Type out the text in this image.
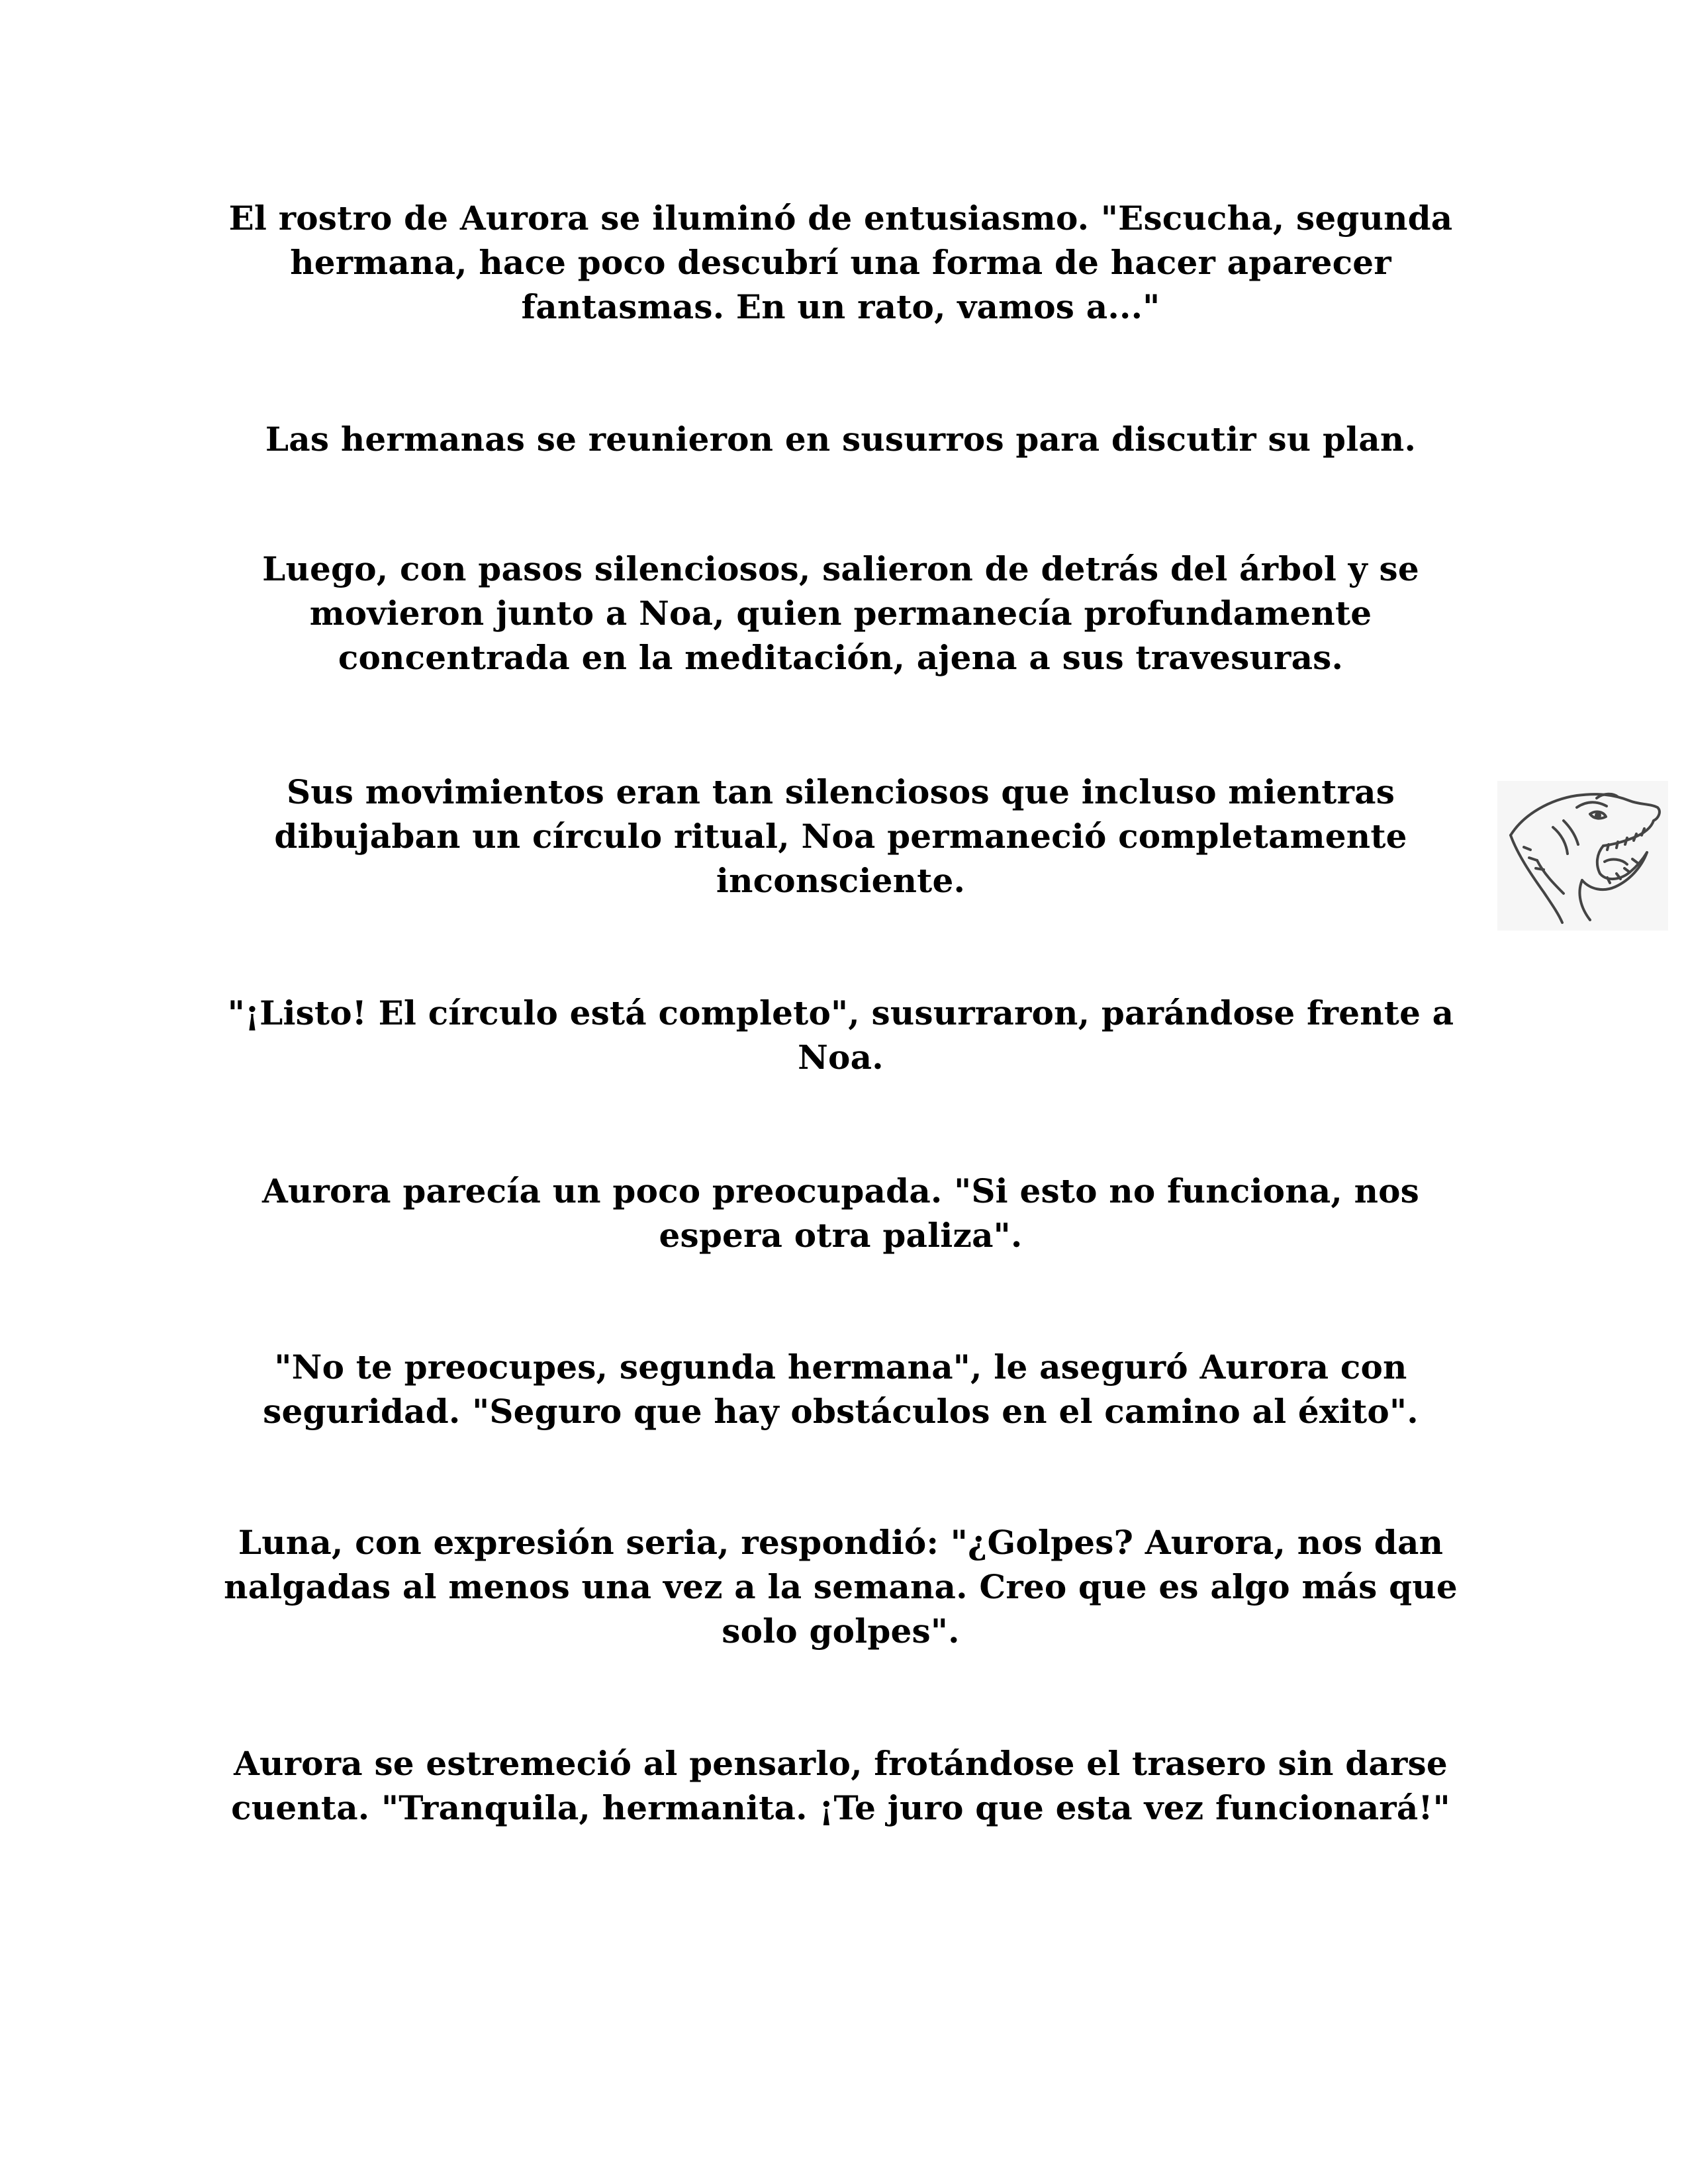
El rostro de Aurora se iluminó de entusiasmo. "Escucha, segunda hermana, hace poco descubrí una forma de hacer aparecer fantasmas. En un rato, vamos a..."

Las hermanas se reunieron en susurros para discutir su plan.

Luego, con pasos silenciosos, salieron de detrás del árbol y se movieron junto a Noa, quien permanecía profundamente concentrada en la meditación, ajena a sus travesuras.

Sus movimientos eran tan silenciosos que incluso mientras dibujaban un círculo ritual, Noa permaneció completamente inconsciente.

"¡Listo! El círculo está completo", susurraron, parándose frente a Noa.

Aurora parecía un poco preocupada. "Si esto no funciona, nos espera otra paliza".

"No te preocupes, segunda hermana", le aseguró Aurora con seguridad. "Seguro que hay obstáculos en el camino al éxito".

Luna, con expresión seria, respondió: "¿Golpes? Aurora, nos dan nalgadas al menos una vez a la semana. Creo que es algo más que solo golpes".

Aurora se estremeció al pensarlo, frotándose el trasero sin darse cuenta. "Tranquila, hermanita. ¡Te juro que esta vez funcionará!"
